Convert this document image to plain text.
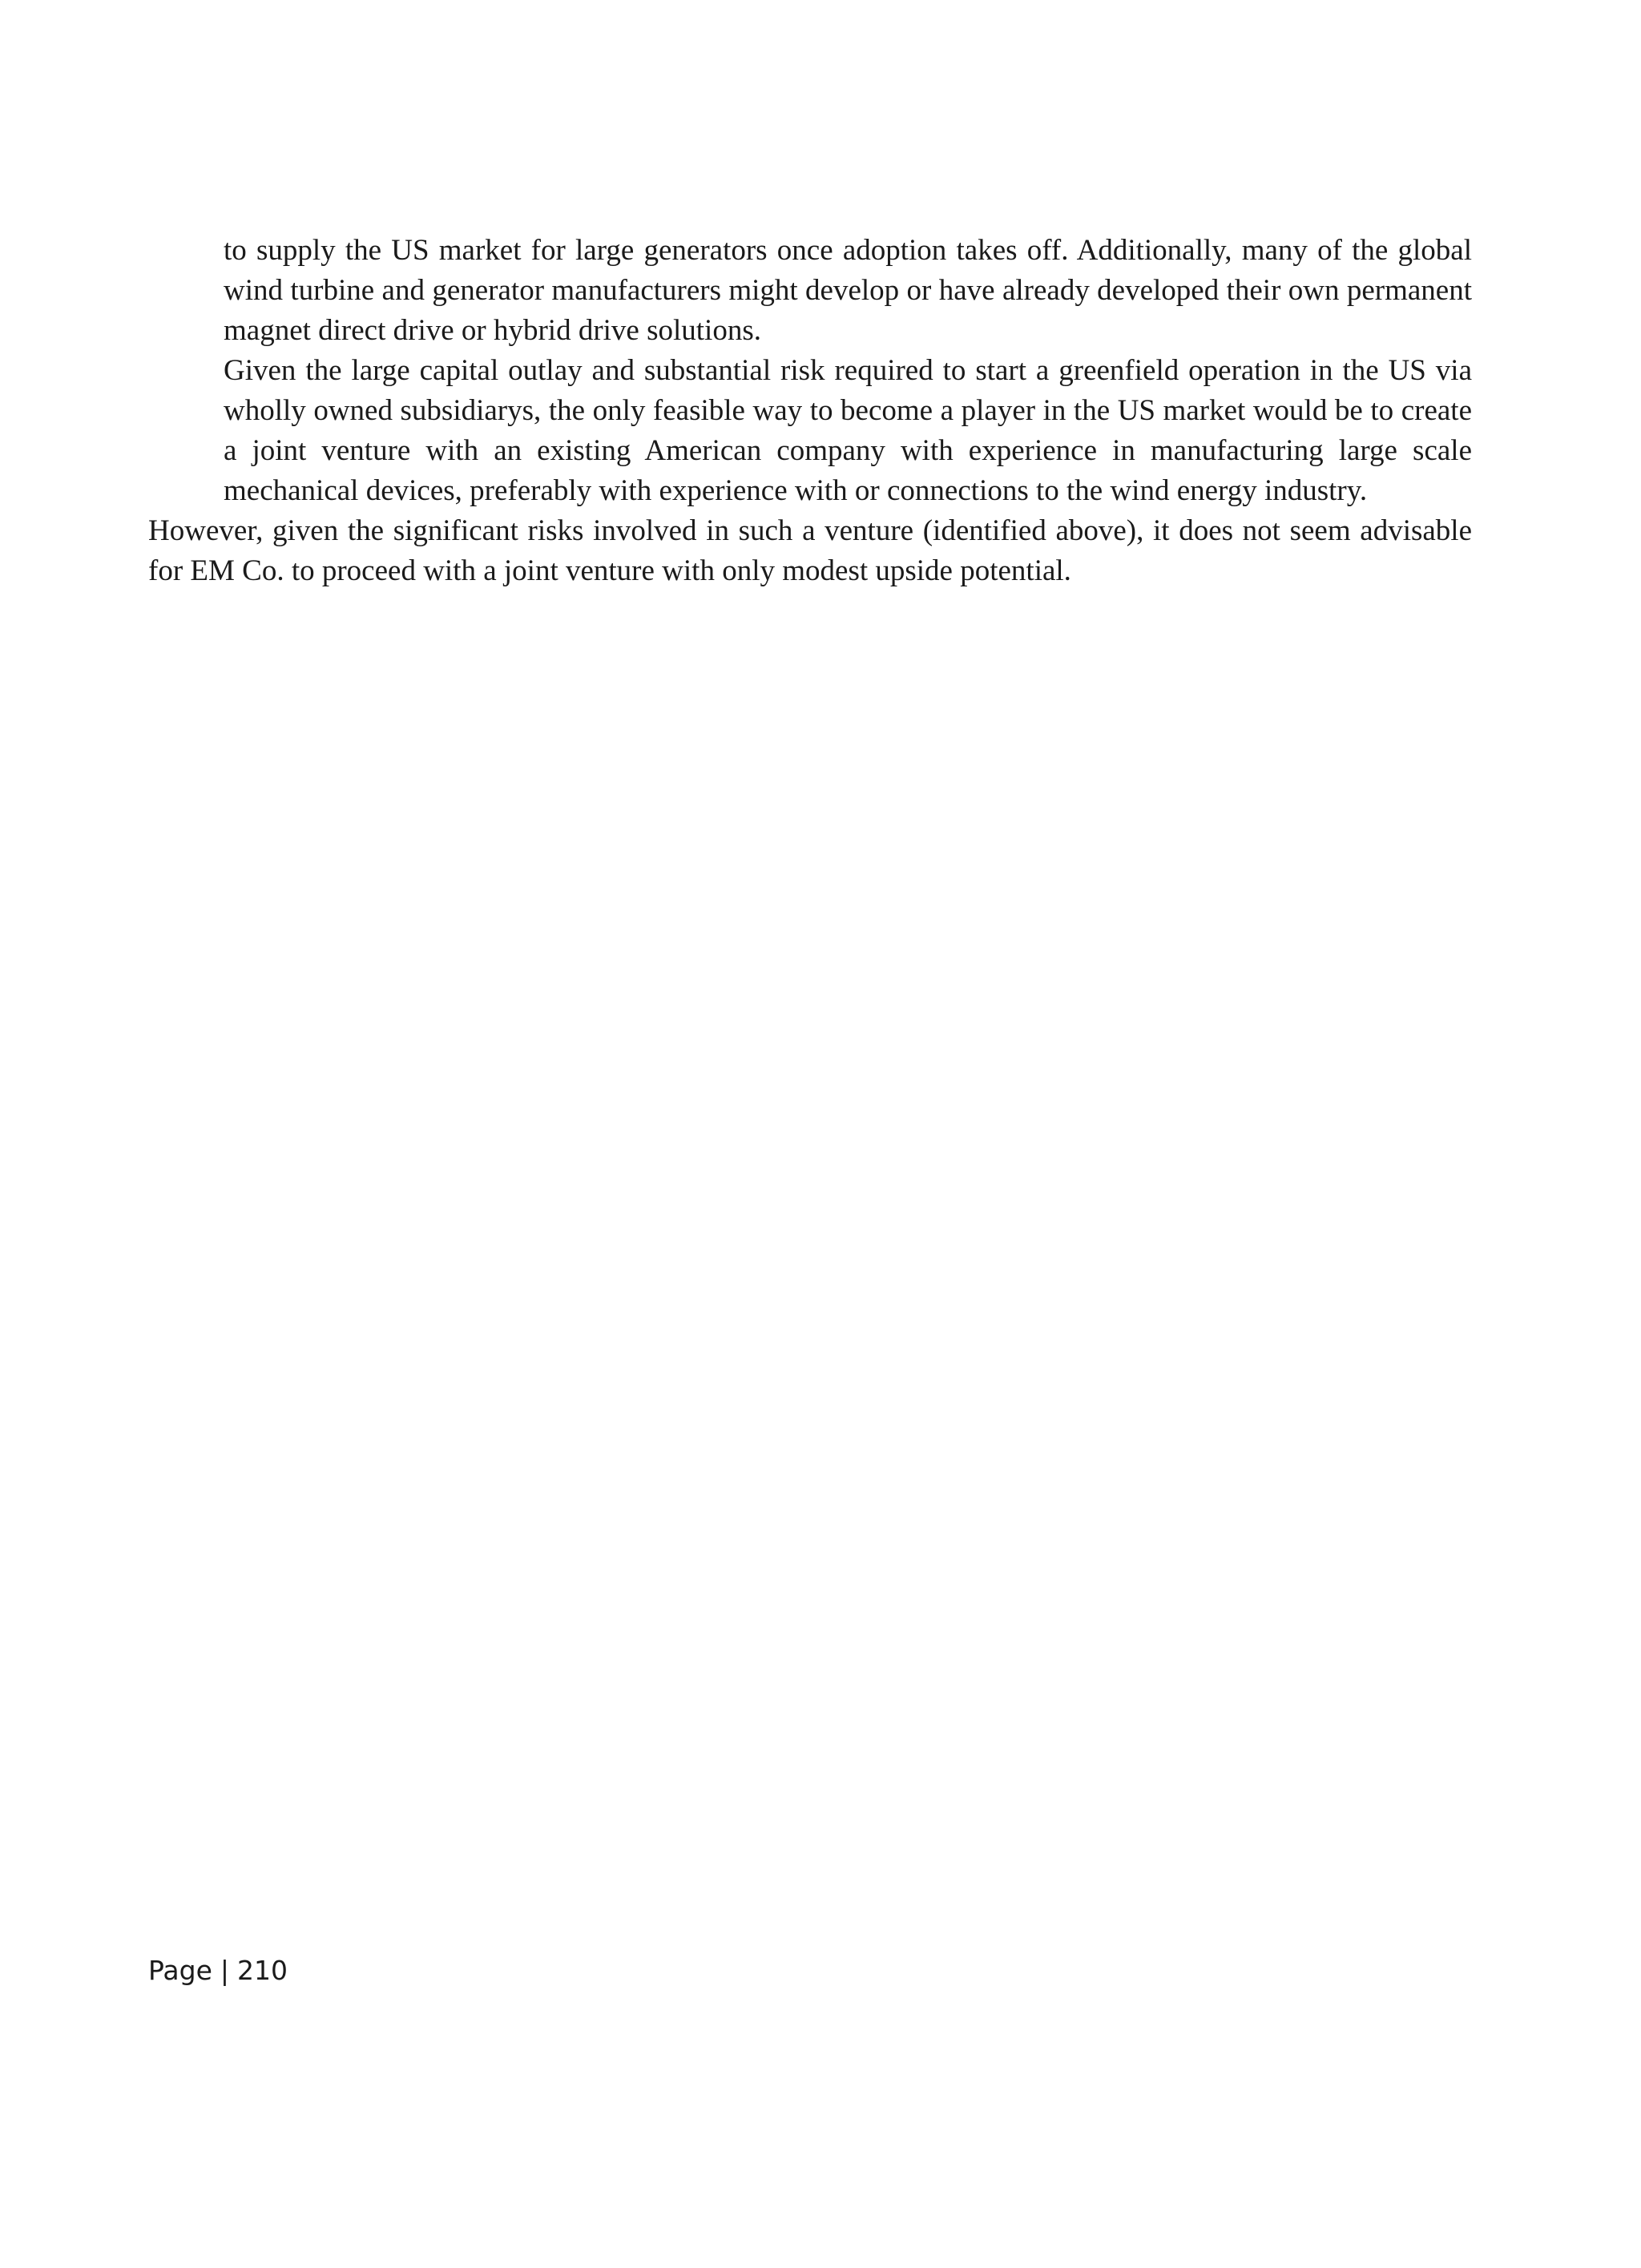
to supply the US market for large generators once adoption takes off. Additionally, many of the global wind turbine and generator manufacturers might develop or have already developed their own permanent magnet direct drive or hybrid drive solutions.

Given the large capital outlay and substantial risk required to start a greenfield operation in the US via wholly owned subsidiarys, the only feasible way to become a player in the US market would be to create a joint venture with an existing American company with experience in manufacturing large scale mechanical devices, preferably with experience with or connections to the wind energy industry.

However, given the significant risks involved in such a venture (identified above), it does not seem advisable for EM Co. to proceed with a joint venture with only modest upside potential.

Page | 210
